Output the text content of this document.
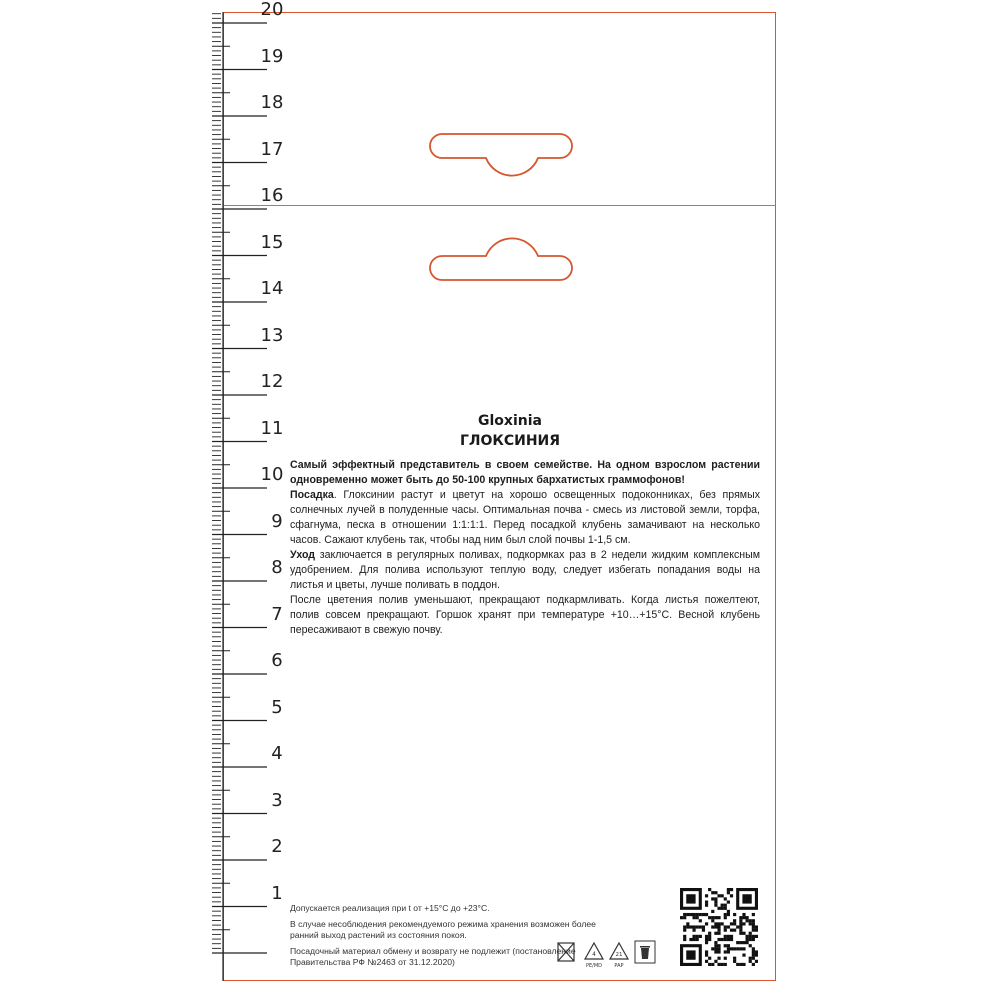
20
19
18
17
16
15
14
13
12
11
10
9
8
7
6
5
4
3
2
1
Gloxinia
ГЛОКСИНИЯ

Самый эффектный представитель в своем семействе. На одном взрослом растении одновременно может быть до 50-100 крупных бархатистых граммофонов!

Посадка. Глоксинии растут и цветут на хорошо освещенных подоконниках, без прямых солнечных лучей в полуденные часы. Оптимальная почва - смесь из листовой земли, торфа, сфагнума, песка в отношении 1:1:1:1. Перед посадкой клубень замачивают на несколько часов. Сажают клубень так, чтобы над ним был слой почвы 1-1,5 см.

Уход заключается в регулярных поливах, подкормках раз в 2 недели жидким комплексным удобрением. Для полива используют теплую воду, следует избегать попадания воды на листья и цветы, лучше поливать в поддон.

После цветения полив уменьшают, прекращают подкармливать. Когда листья пожелтеют, полив совсем прекращают. Горшок хранят при температуре +10…+15°С. Весной клубень пересаживают в свежую почву.

Допускается реализация при t от +15°С до +23°С.

В случае несоблюдения рекомендуемого режима хранения возможен более ранний выход растений из состояния покоя.

Посадочный материал обмену и возврату не подлежит (постановление Правительства РФ №2463 от 31.12.2020)

4
PE/MD
21
PAP
